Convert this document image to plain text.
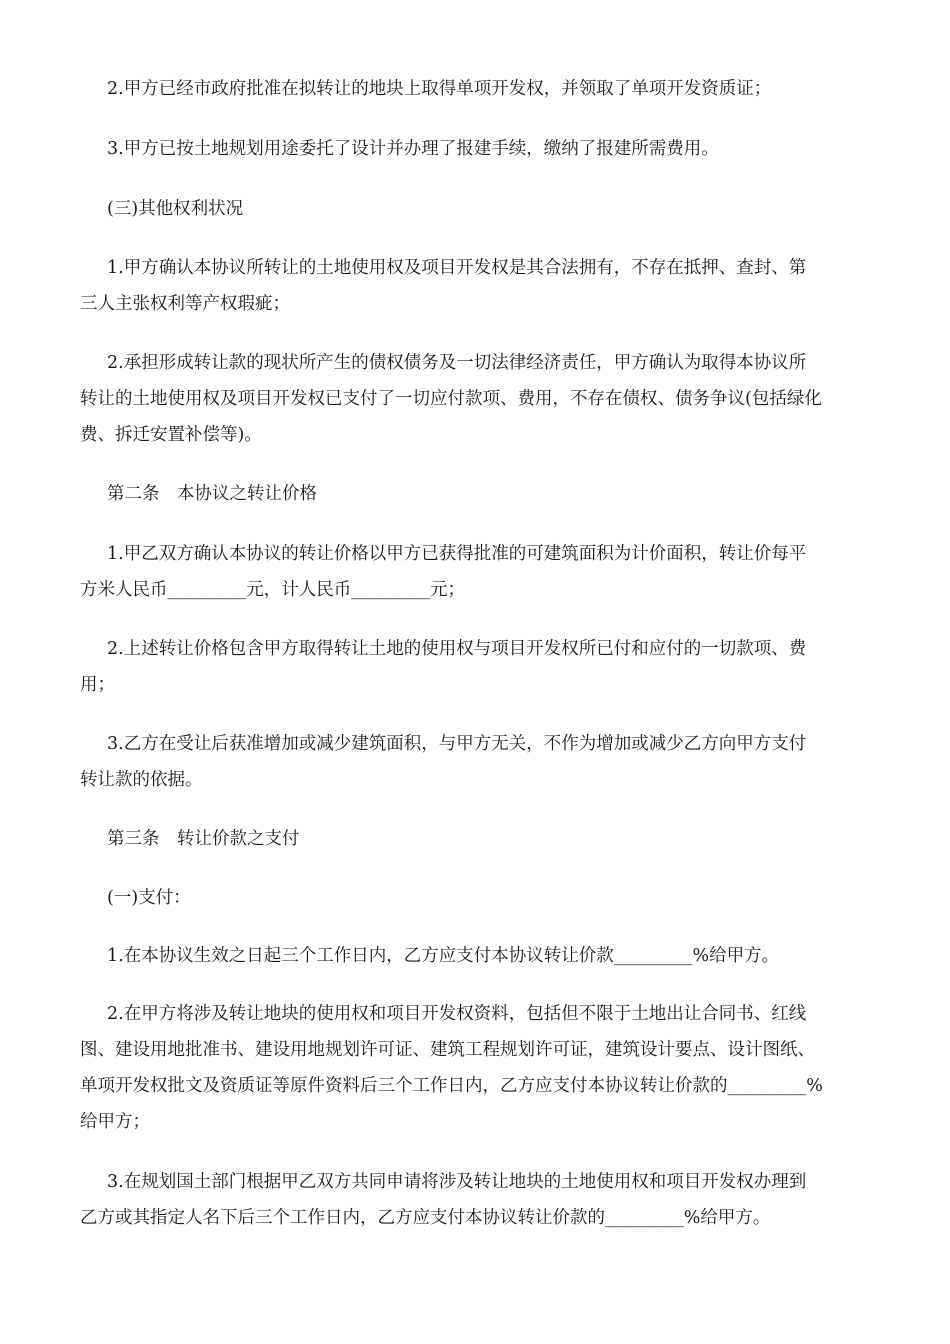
2.甲方已经市政府批准在拟转让的地块上取得单项开发权，并领取了单项开发资质证；

3.甲方已按土地规划用途委托了设计并办理了报建手续，缴纳了报建所需费用。

(三)其他权利状况

1.甲方确认本协议所转让的土地使用权及项目开发权是其合法拥有，不存在抵押、查封、第
三人主张权利等产权瑕疵；

2.承担形成转让款的现状所产生的债权债务及一切法律经济责任，甲方确认为取得本协议所
转让的土地使用权及项目开发权已支付了一切应付款项、费用，不存在债权、债务争议(包括绿化
费、拆迁安置补偿等)。

第二条　本协议之转让价格

1.甲乙双方确认本协议的转让价格以甲方已获得批准的可建筑面积为计价面积，转让价每平
方米人民币_________元，计人民币_________元；

2.上述转让价格包含甲方取得转让土地的使用权与项目开发权所已付和应付的一切款项、费
用；

3.乙方在受让后获准增加或减少建筑面积，与甲方无关，不作为增加或减少乙方向甲方支付
转让款的依据。

第三条　转让价款之支付

(一)支付：

1.在本协议生效之日起三个工作日内，乙方应支付本协议转让价款_________%给甲方。

2.在甲方将涉及转让地块的使用权和项目开发权资料，包括但不限于土地出让合同书、红线
图、建设用地批准书、建设用地规划许可证、建筑工程规划许可证，建筑设计要点、设计图纸、
单项开发权批文及资质证等原件资料后三个工作日内，乙方应支付本协议转让价款的_________%
给甲方；

3.在规划国土部门根据甲乙双方共同申请将涉及转让地块的土地使用权和项目开发权办理到
乙方或其指定人名下后三个工作日内，乙方应支付本协议转让价款的_________%给甲方。
